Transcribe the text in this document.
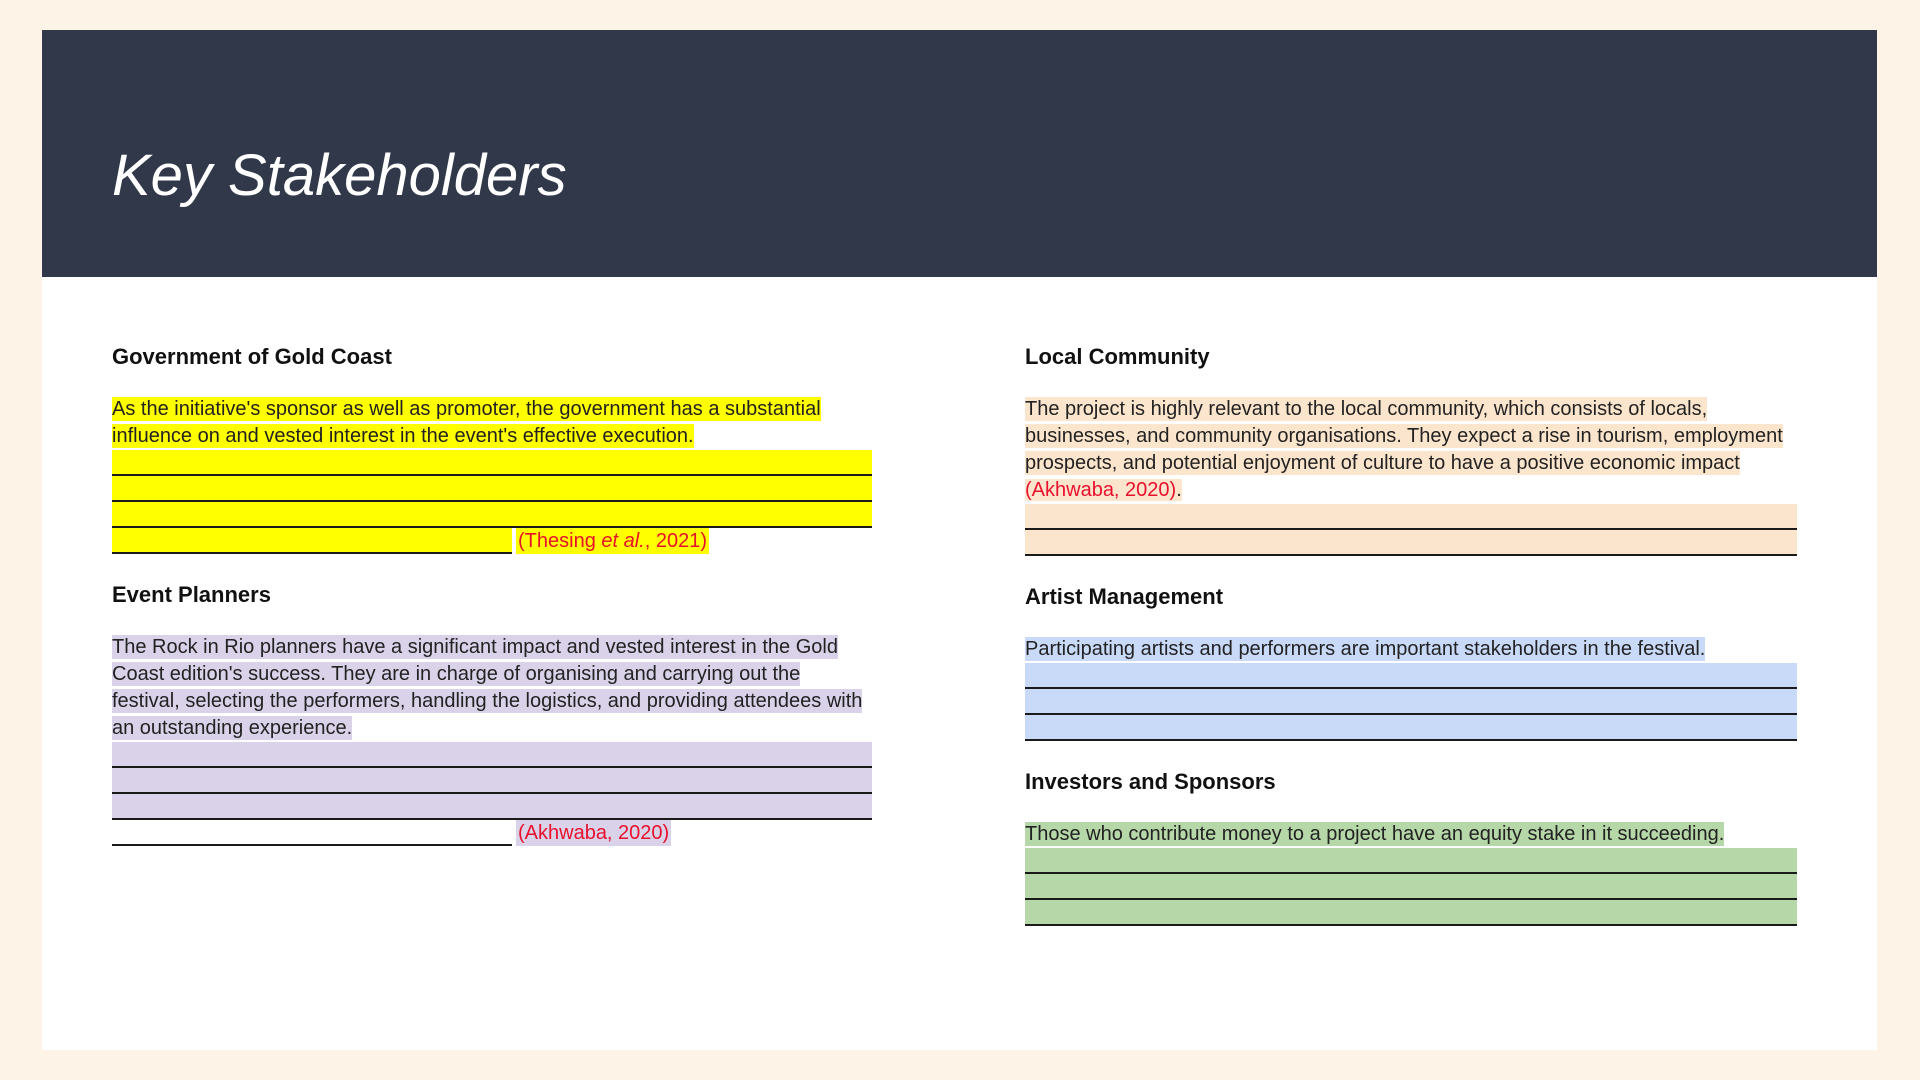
Key Stakeholders
Government of Gold Coast
As the initiative's sponsor as well as promoter, the government has a substantial influence on and vested interest in the event's effective execution.
(Thesing et al., 2021)
Event Planners
The Rock in Rio planners have a significant impact and vested interest in the Gold Coast edition's success. They are in charge of organising and carrying out the festival, selecting the performers, handling the logistics, and providing attendees with an outstanding experience.
(Akhwaba, 2020)
Local Community
The project is highly relevant to the local community, which consists of locals, businesses, and community organisations. They expect a rise in tourism, employment prospects, and potential enjoyment of culture to have a positive economic impact (Akhwaba, 2020).
Artist Management
Participating artists and performers are important stakeholders in the festival.
Investors and Sponsors
Those who contribute money to a project have an equity stake in it succeeding.
